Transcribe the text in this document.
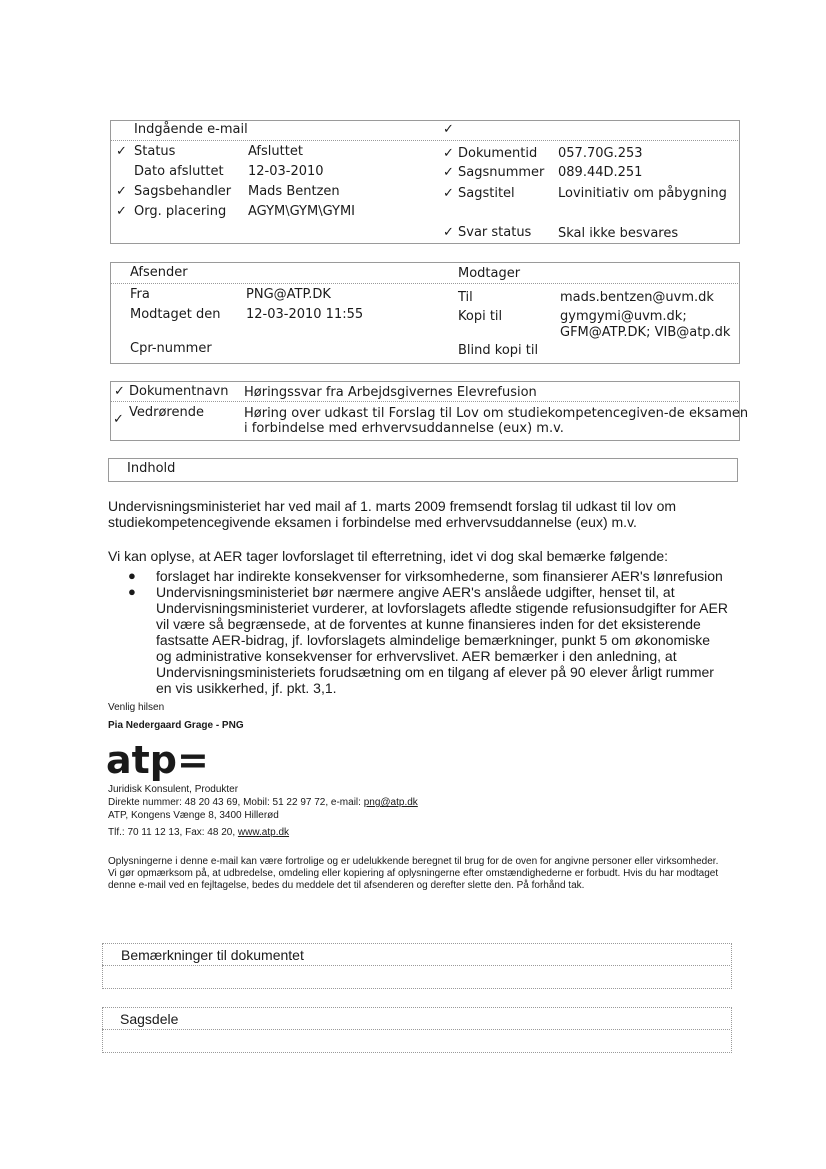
Indgående e-mail	✓
✓ Status	Afsluttet
Dato afsluttet 12-03-2010
✓ Sagsbehandler Mads Bentzen
✓ Org. placering AGYM\GYM\GYMI
✓ Dokumentid 057.70G.253
✓ Sagsnummer 089.44D.251
✓ Sagstitel	Lovinitiativ om påbygning
✓ Svar status Skal ikke besvares
Afsender	Modtager
Fra	PNG@ATP.DK
Modtaget den 12-03-2010 11:55
Cpr-nummer
Til	mads.bentzen@uvm.dk
Kopi til	gymgymi@uvm.dk;
GFM@ATP.DK; VIB@atp.dk
Blind kopi til
✓ Dokumentnavn Høringssvar fra Arbejdsgivernes Elevrefusion
✓ Vedrørende	Høring over udkast til Forslag til Lov om studiekompetencegiven-de eksamen
i forbindelse med erhvervsuddannelse (eux) m.v.
Indhold
Undervisningsministeriet har ved mail af 1. marts 2009 fremsendt forslag til udkast til lov om
studiekompetencegivende eksamen i forbindelse med erhvervsuddannelse (eux) m.v.
Vi kan oplyse, at AER tager lovforslaget til efterretning, idet vi dog skal bemærke følgende:
● forslaget har indirekte konsekvenser for virksomhederne, som finansierer AER's lønrefusion
● Undervisningsministeriet bør nærmere angive AER's anslåede udgifter, henset til, at Undervisningsministeriet vurderer, at lovforslagets afledte stigende refusionsudgifter for AER vil være så begrænsede, at de forventes at kunne finansieres inden for det eksisterende fastsatte AER-bidrag, jf. lovforslagets almindelige bemærkninger, punkt 5 om økonomiske og administrative konsekvenser for erhvervslivet. AER bemærker i den anledning, at Undervisningsministeriets forudsætning om en tilgang af elever på 90 elever årligt rummer en vis usikkerhed, jf. pkt. 3,1.
Venlig hilsen
Pia Nedergaard Grage - PNG
atp=
Juridisk Konsulent, Produkter
Direkte nummer: 48 20 43 69, Mobil: 51 22 97 72, e-mail: png@atp.dk
ATP, Kongens Vænge 8, 3400 Hillerød
Tlf.: 70 11 12 13, Fax: 48 20, www.atp.dk
Oplysningerne i denne e-mail kan være fortrolige og er udelukkende beregnet til brug for de oven for angivne personer eller virksomheder. Vi gør opmærksom på, at udbredelse, omdeling eller kopiering af oplysningerne efter omstændighederne er forbudt. Hvis du har modtaget denne e-mail ved en fejltagelse, bedes du meddele det til afsenderen og derefter slette den. På forhånd tak.
Bemærkninger til dokumentet
Sagsdele
